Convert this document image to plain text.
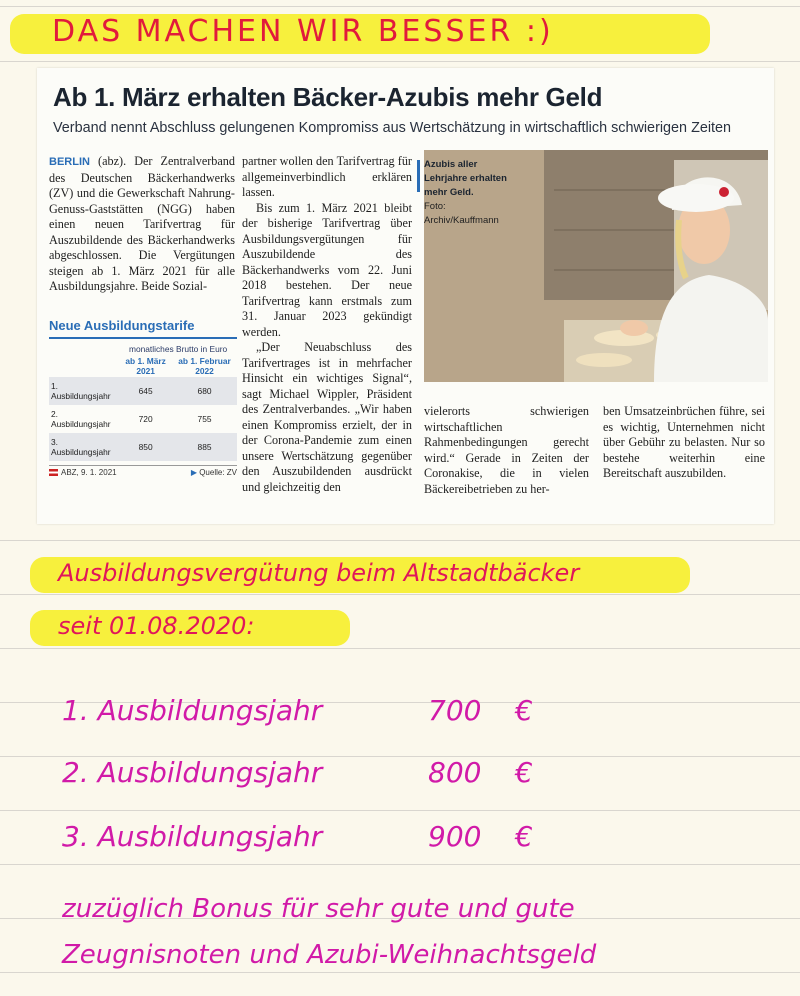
DAS MACHEN WIR BESSER :)
Ab 1. März erhalten Bäcker-Azubis mehr Geld
Verband nennt Abschluss gelungenen Kompromiss aus Wertschätzung in wirtschaftlich schwierigen Zeiten

BERLIN (abz). Der Zentralverband des Deutschen Bäckerhandwerks (ZV) und die Gewerkschaft Nahrung-Genuss-Gaststätten (NGG) haben einen neuen Tarifvertrag für Auszubildende des Bäckerhandwerks abgeschlossen. Die Vergütungen steigen ab 1. März 2021 für alle Ausbildungsjahre. Beide Sozial-

Neue Ausbildungstarife
	monatliches Brutto in Euro	
	ab 1. März 2021	ab 1. Februar 2022
1. Ausbildungsjahr	645	680
2. Ausbildungsjahr	720	755
3. Ausbildungsjahr	850	885
ABZ, 9. 1. 2021	▶ Quelle: ZV

partner wollen den Tarifvertrag für allgemeinverbindlich erklären lassen.

Bis zum 1. März 2021 bleibt der bisherige Tarifvertrag über Ausbildungsvergütungen für Auszubildende des Bäckerhandwerks vom 22. Juni 2018 bestehen. Der neue Tarifvertrag kann erstmals zum 31. Januar 2023 gekündigt werden.

„Der Neuabschluss des Tarifvertrages ist in mehrfacher Hinsicht ein wichtiges Signal“, sagt Michael Wippler, Präsident des Zentralverbandes. „Wir haben einen Kompromiss erzielt, der in der Corona-Pandemie zum einen unsere Wertschätzung gegenüber den Auszubildenden ausdrückt und gleichzeitig den

Azubis aller Lehrjahre erhalten mehr Geld.
Foto: Archiv/Kauffmann

vielerorts schwierigen wirtschaftlichen Rahmenbedingungen gerecht wird.“ Gerade in Zeiten der Coronakise, die in vielen Bäckereibetrieben zu her-

ben Umsatzeinbrüchen führe, sei es wichtig, Unternehmen nicht über Gebühr zu belasten. Nur so bestehe weiterhin eine Bereitschaft auszubilden.

Ausbildungsvergütung beim Altstadtbäcker
seit 01.08.2020:
1. Ausbildungsjahr	700 €
2. Ausbildungsjahr	800 €
3. Ausbildungsjahr	900 €
zuzüglich Bonus für sehr gute und gute
Zeugnisnoten und Azubi-Weihnachtsgeld
